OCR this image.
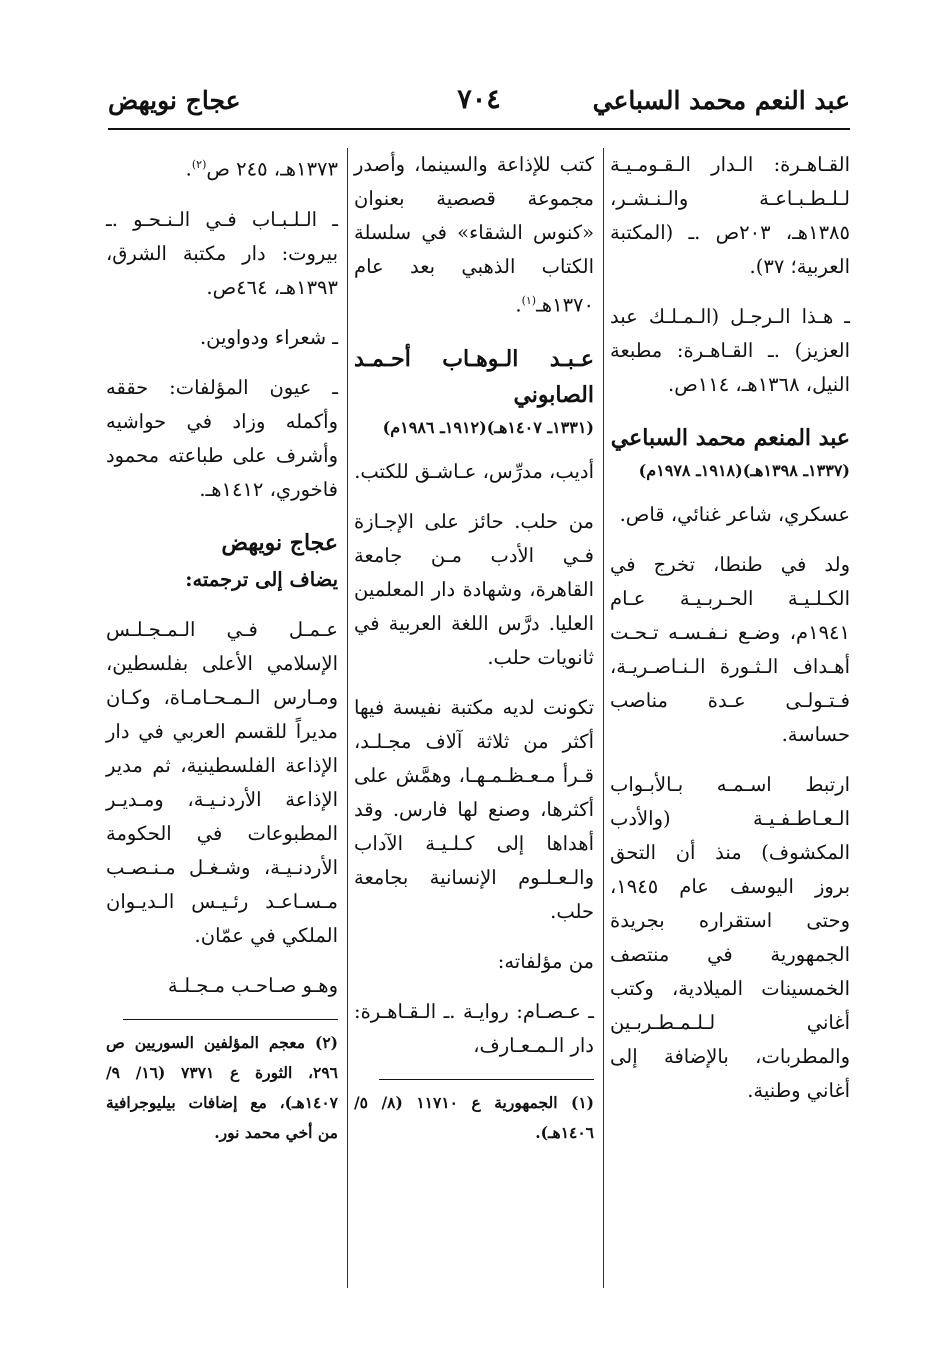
عبد النعم محمد السباعي
٧٠٤
عجاج نويهض

القـاهـرة: الـدار الـقـومـيـة لـلـطـبـاعـة والـنـشـر، ١٣٨٥هـ، ٢٠٣ص .ـ (المكتبة العربية؛ ٣٧).

ـ هـذا الـرجـل (الـمـلـك عبد العزيز) .ـ القـاهـرة: مطبعة النيل، ١٣٦٨هـ، ١١٤ص.

عبد المنعم محمد السباعي
(١٣٣٧ـ ١٣٩٨هـ)(١٩١٨ـ ١٩٧٨م)

عسكري، شاعر غنائي، قاص.

ولد في طنطا، تخرج في الكـلـيـة الحـربـيـة عـام ١٩٤١م، وضـع نـفـسـه تـحـت أهـداف الـثـورة الـنـاصـريـة، فـتـولـى عـدة مناصب حساسة.

ارتبط اسـمـه بـالأبـواب الـعـاطـفـيـة (والأدب المكشوف) منذ أن التحق بروز اليوسف عام ١٩٤٥، وحتى استقراره بجريدة الجمهورية في منتصف الخمسينات الميلادية، وكتب أغاني لـلـمـطـربـين والمطربات، بالإضافة إلى أغاني وطنية.

كتب للإذاعة والسينما، وأصدر مجموعة قصصية بعنوان «كنوس الشقاء» في سلسلة الكتاب الذهبي بعد عام ١٣٧٠هـ$^{(١)}$.

عـبـد الـوهـاب أحـمـد الصابوني
(١٣٣١ـ ١٤٠٧هـ)(١٩١٢ـ ١٩٨٦م)

أديب، مدرِّس، عـاشـق للكتب.

من حلب. حائز على الإجـازة فـي الأدب مـن جامعة القاهرة، وشهادة دار المعلمين العليا. درَّس اللغة العربية في ثانويات حلب.

تكونت لديه مكتبة نفيسة فيها أكثر من ثلاثة آلاف مجـلـد، قـرأ مـعـظـمـهـا، وهمَّش على أكثرها، وصنع لها فارس. وقد أهداها إلى كـلـيـة الآداب والـعـلـوم الإنسانية بجامعة حلب.

من مؤلفاته:

ـ عـصـام: روايـة .ـ الـقـاهـرة: دار الـمـعـارف،

(١) الجمهورية ع ١١٧١٠ (٨/ ٥/ ١٤٠٦هـ).

١٣٧٣هـ، ٢٤٥ ص$^{(٢)}$.

ـ الـلـبـاب فـي الـنـحـو .ـ بيروت: دار مكتبة الشرق، ١٣٩٣هـ، ٤٦٤ص.

ـ شعراء ودواوين.

ـ عيون المؤلفات: حققه وأكمله وزاد في حواشيه وأشرف على طباعته محمود فاخوري، ١٤١٢هـ.

عجاج نويهض

يضاف إلى ترجمته:

عـمـل فـي الـمـجـلـس الإسلامي الأعلى بفلسطين، ومـارس الـمـحـامـاة، وكـان مديراً للقسم العربي في دار الإذاعة الفلسطينية، ثم مدير الإذاعة الأردنـيـة، ومـديـر المطبوعات في الحكومة الأردنـيـة، وشـغـل مـنـصـب مـسـاعـد رئـيـس الـديـوان الملكي في عمّان.

وهـو صـاحـب مـجـلـة

(٢) معجم المؤلفين السوريين ص ٢٩٦، الثورة ع ٧٣٧١ (١٦/ ٩/ ١٤٠٧هـ)، مع إضافات بيليوجرافية من أخي محمد نور.
